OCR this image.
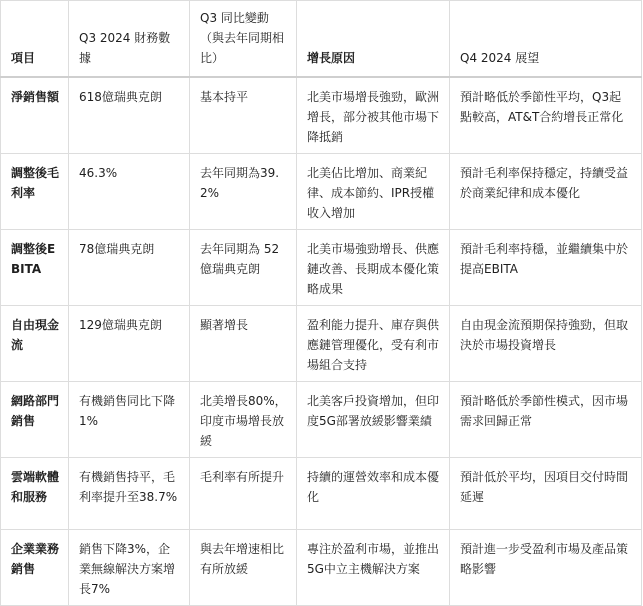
項目	Q3 2024 財務數據	Q3 同比變動（與去年同期相比）	增長原因	Q4 2024 展望
淨銷售額	618億瑞典克朗	基本持平	北美市場增長強勁，歐洲增長，部分被其他市場下降抵銷	預計略低於季節性平均，Q3起點較高，AT&T合約增長正常化
調整後毛利率	46.3%	去年同期為39.2%	北美佔比增加、商業紀律、成本節約、IPR授權收入增加	預計毛利率保持穩定，持續受益於商業紀律和成本優化
調整後EBITA	78億瑞典克朗	去年同期為 52億瑞典克朗	北美市場強勁增長、供應鏈改善、長期成本優化策略成果	預計毛利率持穩，並繼續集中於提高EBITA
自由現金流	129億瑞典克朗	顯著增長	盈利能力提升、庫存與供應鏈管理優化，受有利市場組合支持	自由現金流預期保持強勁，但取決於市場投資增長
網路部門銷售	有機銷售同比下降1%	北美增長80%，印度市場增長放緩	北美客戶投資增加，但印度5G部署放緩影響業績	預計略低於季節性模式，因市場需求回歸正常
雲端軟體和服務	有機銷售持平，毛利率提升至38.7%	毛利率有所提升	持續的運營效率和成本優化	預計低於平均，因項目交付時間延遲
企業業務銷售	銷售下降3%，企業無線解決方案增長7%	與去年增速相比有所放緩	專注於盈利市場，並推出5G中立主機解決方案	預計進一步受盈利市場及產品策略影響
